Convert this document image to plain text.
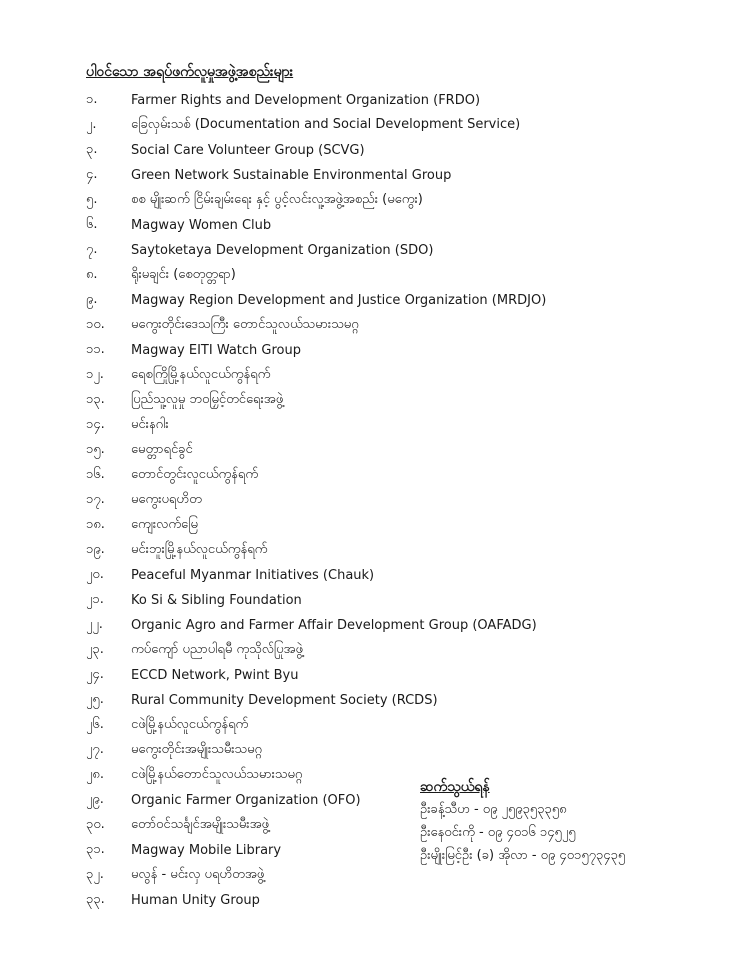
ပါဝင်သော အရပ်ဖက်လူမှုအဖွဲ့အစည်းများ
၁.	Farmer Rights and Development Organization (FRDO)
၂.	ခြေလှမ်းသစ် (Documentation and Social Development Service)
၃.	Social Care Volunteer Group (SCVG)
၄.	Green Network Sustainable Environmental Group
၅.	စစ မျိုးဆက် ငြိမ်းချမ်းရေး နှင့် ပွင့်လင်းလူ့အဖွဲ့အစည်း (မကွေး)
၆.	Magway Women Club
၇.	Saytoketaya Development Organization (SDO)
၈.	ရိုးမချင်း (စေတုတ္တရာ)
၉.	Magway Region Development and Justice Organization (MRDJO)
၁၀.	မကွေးတိုင်းဒေသကြီး တောင်သူလယ်သမားသမဂ္ဂ
၁၁.	Magway EITI Watch Group
၁၂.	ရေစကြိုမြို့နယ်လူငယ်ကွန်ရက်
၁၃.	ပြည်သူ့လူမှု ဘဝမြှင့်တင်ရေးအဖွဲ့
၁၄.	မင်းနဂါး
၁၅.	မေတ္တာရင်ခွင်
၁၆.	တောင်တွင်းလူငယ်ကွန်ရက်
၁၇.	မကွေးပရဟိတ
၁၈.	ကျေးလက်မြေ
၁၉.	မင်းဘူးမြို့နယ်လူငယ်ကွန်ရက်
၂၀.	Peaceful Myanmar Initiatives (Chauk)
၂၁.	Ko Si & Sibling Foundation
၂၂.	Organic Agro and Farmer Affair Development Group (OAFADG)
၂၃.	ကပ်ကျော် ပညာပါရမီ ကုသိုလ်ပြုအဖွဲ့
၂၄.	ECCD Network, Pwint Byu
၂၅.	Rural Community Development Society (RCDS)
၂၆.	ငဖဲမြို့နယ်လူငယ်ကွန်ရက်
၂၇.	မကွေးတိုင်းအမျိုးသမီးသမဂ္ဂ
၂၈.	ငဖဲမြို့နယ်တောင်သူလယ်သမားသမဂ္ဂ
၂၉.	Organic Farmer Organization (OFO)
၃၀.	တော်ဝင်သင်္ချင်အမျိုးသမီးအဖွဲ့
၃၁.	Magway Mobile Library
၃၂.	မလွန် - မင်းလှ ပရဟိတအဖွဲ့
၃၃.	Human Unity Group
ဆက်သွယ်ရန်
ဦးခန့်သီဟ - ၀၉ ၂၅၉၃၅၃၃၅၈
ဦးနေဝင်းကို - ၀၉ ၄၀၁၆ ၁၄၅၂၅
ဦးမျိုးမြင့်ဦး (ခ) အိုလာ - ၀၉ ၄၀၁၅၇၃၄၃၅
